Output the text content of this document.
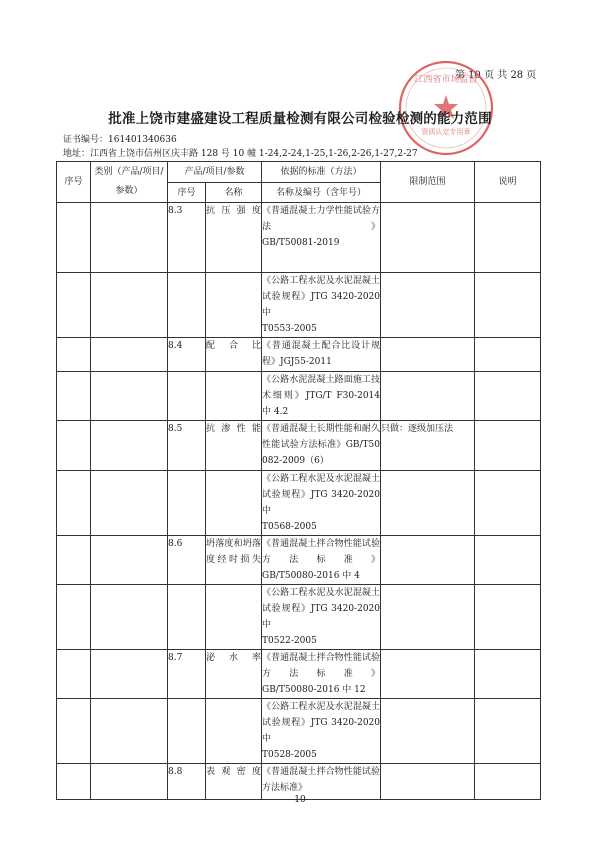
第 10 页 共 28 页
江西省市场监督
资质认定专用章
批准上饶市建盛建设工程质量检测有限公司检验检测的能力范围
证书编号：161401340636
地址：江西省上饶市信州区庆丰路 128 号 10 幢 1-24,2-24,1-25,1-26,2-26,1-27,2-27
序号	类别（产品/项目/参数）	产品/项目/参数		依据的标准（方法）	限制范围	说明
		序号	名称	名称及编号（含年号）		
		8.3	抗压强度	《普通混凝土力学性能试验方法》
GB/T50081-2019		

				《公路工程水泥及水泥混凝土试验规程》JTG 3420-2020 中
T0553-2005		

		8.4	配合比	《普通混凝土配合比设计规程》JGJ55-2011		

				《公路水泥混凝土路面施工技术细则》JTG/T F30-2014 中 4.2		

		8.5	抗渗性能	《普通混凝土长期性能和耐久性能试验方法标准》GB/T50082-2009（6）	只做：逐级加压法	
				《公路工程水泥及水泥混凝土试验规程》JTG 3420-2020 中
T0568-2005		

		8.6	坍落度和坍落度经时损失	《普通混凝土拌合物性能试验方法标准》
GB/T50080-2016 中 4		

				《公路工程水泥及水泥混凝土试验规程》JTG 3420-2020 中
T0522-2005		

		8.7	泌水率	《普通混凝土拌合物性能试验方法标准》
GB/T50080-2016 中 12		

				《公路工程水泥及水泥混凝土试验规程》JTG 3420-2020 中
T0528-2005		

		8.8	表观密度	《普通混凝土拌合物性能试验方法标准》		

10
